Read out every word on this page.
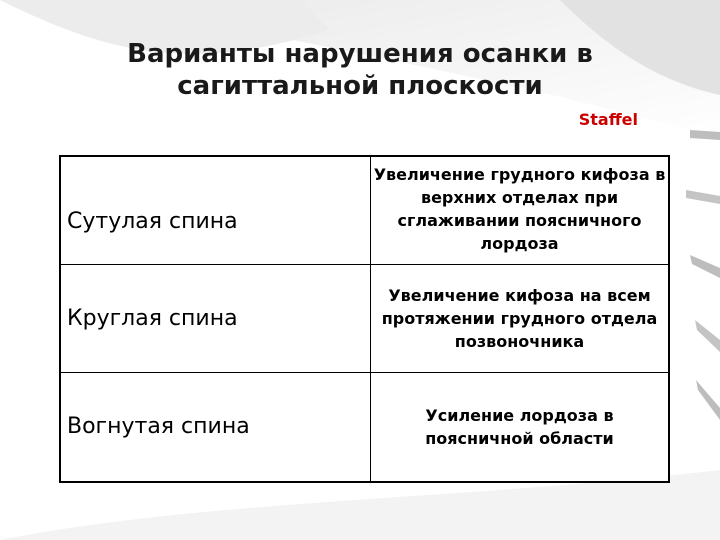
Варианты нарушения осанки в
сагиттальной плоскости
Staffel
Сутулая спина	Увеличение грудного кифоза в верхних отделах при сглаживании поясничного лордоза
Круглая спина	Увеличение кифоза на всем протяжении грудного отдела позвоночника
Вогнутая спина	Усиление лордоза в поясничной области
